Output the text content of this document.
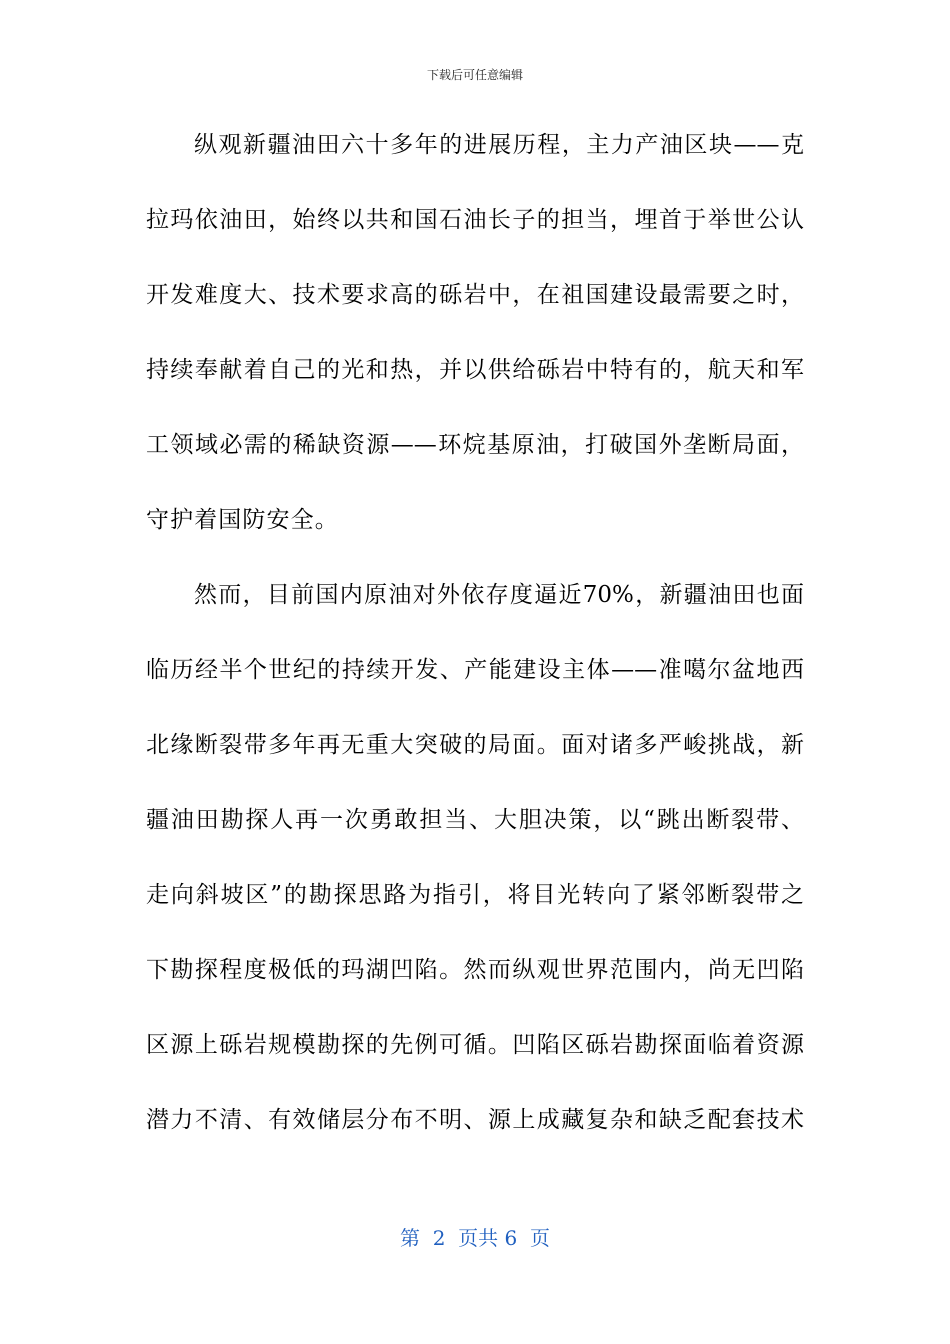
下载后可任意编辑
纵观新疆油田六十多年的进展历程，主力产油区块——克
拉玛依油田，始终以共和国石油长子的担当，埋首于举世公认
开发难度大、技术要求高的砾岩中，在祖国建设最需要之时，
持续奉献着自己的光和热，并以供给砾岩中特有的，航天和军
工领域必需的稀缺资源——环烷基原油，打破国外垄断局面，
守护着国防安全。
然而，目前国内原油对外依存度逼近70%，新疆油田也面
临历经半个世纪的持续开发、产能建设主体——准噶尔盆地西
北缘断裂带多年再无重大突破的局面。面对诸多严峻挑战，新
疆油田勘探人再一次勇敢担当、大胆决策，以“跳出断裂带、
走向斜坡区”的勘探思路为指引，将目光转向了紧邻断裂带之
下勘探程度极低的玛湖凹陷。然而纵观世界范围内，尚无凹陷
区源上砾岩规模勘探的先例可循。凹陷区砾岩勘探面临着资源
潜力不清、有效储层分布不明、源上成藏复杂和缺乏配套技术
第  2  页共 6  页
